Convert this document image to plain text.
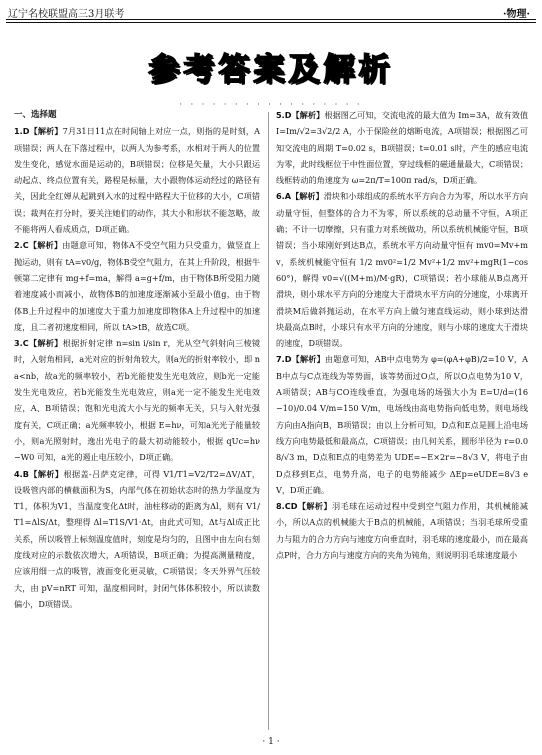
辽宁名校联盟高三3月联考	·物理·
参考答案及解析
· · · · · · · · · · · · · · · · ·

一、选择题

1.D【解析】7月31日11点在时间轴上对应一点，则指的是时刻，A项错误；两人在下落过程中，以两人为参考系，水相对于两人的位置发生变化，感觉水面是运动的，B项错误；位移是矢量，大小只跟运动起点、终点位置有关，路程是标量，大小跟物体运动经过的路径有关，因此全红婵从起跳到入水的过程中路程大于位移的大小，C项错误；裁判在打分时，要关注她们的动作，其大小和形状不能忽略，故不能将两人看成质点，D项正确。

2.C【解析】由题意可知，物体A不受空气阻力只受重力，做竖直上抛运动，则有 tA=v0/g，物体B受空气阻力，在其上升阶段，根据牛顿第二定律有 mg+f=ma，解得 a=g+f/m，由于物体B所受阻力随着速度减小而减小，故物体B的加速度逐渐减小至最小值g，由于物体B上升过程中的加速度大于重力加速度即物体A上升过程中的加速度，且二者初速度相同，所以 tA>tB，故选C项。

3.C【解析】根据折射定律 n=sin i/sin r，光从空气斜射向三棱镜时，入射角相同，a光对应的折射角较大，则a光的折射率较小，即 na<nb，故a光的频率较小，若b光能使发生光电效应，则b光一定能发生光电效应，若b光能发生光电效应，则a光一定不能发生光电效应，A、B项错误；饱和光电流大小与光的频率无关，只与入射光强度有关，C项正确；a光频率较小，根据 E=hν，可知a光光子能量较小，则a光照射时，逸出光电子的最大初动能较小，根据 qUc=hν−W0 可知，a光的遏止电压较小，D项正确。

4.B【解析】根据盖-吕萨克定律，可得 V1/T1=V2/T2=ΔV/ΔT，设吸管内部的横截面积为S，内部气体在初始状态时的热力学温度为T1，体积为V1，当温度变化Δt时，油柱移动的距离为Δl，则有 V1/T1=ΔlS/Δt，整理得 Δl=T1S/V1·Δt，由此式可知，Δt与Δl成正比关系，所以吸管上标刻温度值时，刻度是均匀的，且图中由左向右刻度线对应的示数依次增大，A项错误，B项正确；为提高测量精度，应该用细一点的吸管，液面变化更灵敏，C项错误；冬天外界气压较大，由 pV=nRT 可知，温度相同时，封闭气体体积较小，所以读数偏小，D项错误。

5.D【解析】根据图乙可知，交流电流的最大值为 Im=3A，故有效值 I=Im/√2=3√2/2 A，小于保险丝的熔断电流，A项错误；根据图乙可知交流电的周期 T=0.02 s，B项错误；t=0.01 s时，产生的感应电流为零，此时线框位于中性面位置，穿过线框的磁通量最大，C项错误；线框转动的角速度为 ω=2π/T=100π rad/s，D项正确。

6.A【解析】滑块和小球组成的系统水平方向合力为零，所以水平方向动量守恒，但整体的合力不为零，所以系统的总动量不守恒，A项正确；不计一切摩擦，只有重力对系统做功，所以系统机械能守恒，B项错误；当小球刚好到达B点，系统水平方向动量守恒有 mv0=Mv+mv，系统机械能守恒有 1/2 mv0²=1/2 Mv²+1/2 mv²+mgR(1−cos 60°)，解得 v0=√((M+m)/M·gR)，C项错误；若小球能从B点离开滑块，则小球水平方向的分速度大于滑块水平方向的分速度，小球离开滑块M后做斜抛运动，在水平方向上做匀速直线运动，则小球到达滑块最高点B时，小球只有水平方向的分速度，则与小球的速度大于滑块的速度，D项错误。

7.D【解析】由题意可知，AB中点电势为 φ=(φA+φB)/2=10 V，AB中点与C点连线为等势面，该等势面过O点，所以O点电势为10 V，A项错误；AB与CO连线垂直，为强电场的场强大小为 E=U/d=(16−10)/0.04 V/m=150 V/m，电场线由高电势指向低电势，则电场线方向由A指向B，B项错误；由以上分析可知，D点和E点是圆上沿电场线方向电势最低和最高点，C项错误；由几何关系，圆形半径为 r=0.08/√3 m，D点和E点的电势差为 UDE=−E×2r=−8√3 V，将电子由D点移到E点，电势升高，电子的电势能减少 ΔEp=eUDE=8√3 eV，D项正确。

8.CD【解析】羽毛球在运动过程中受到空气阻力作用，其机械能减小，所以A点的机械能大于B点的机械能，A项错误；当羽毛球所受重力与阻力的合力方向与速度方向垂直时，羽毛球的速度最小，而在最高点P时，合力方向与速度方向的夹角为钝角，则说明羽毛球速度最小

· 1 ·
